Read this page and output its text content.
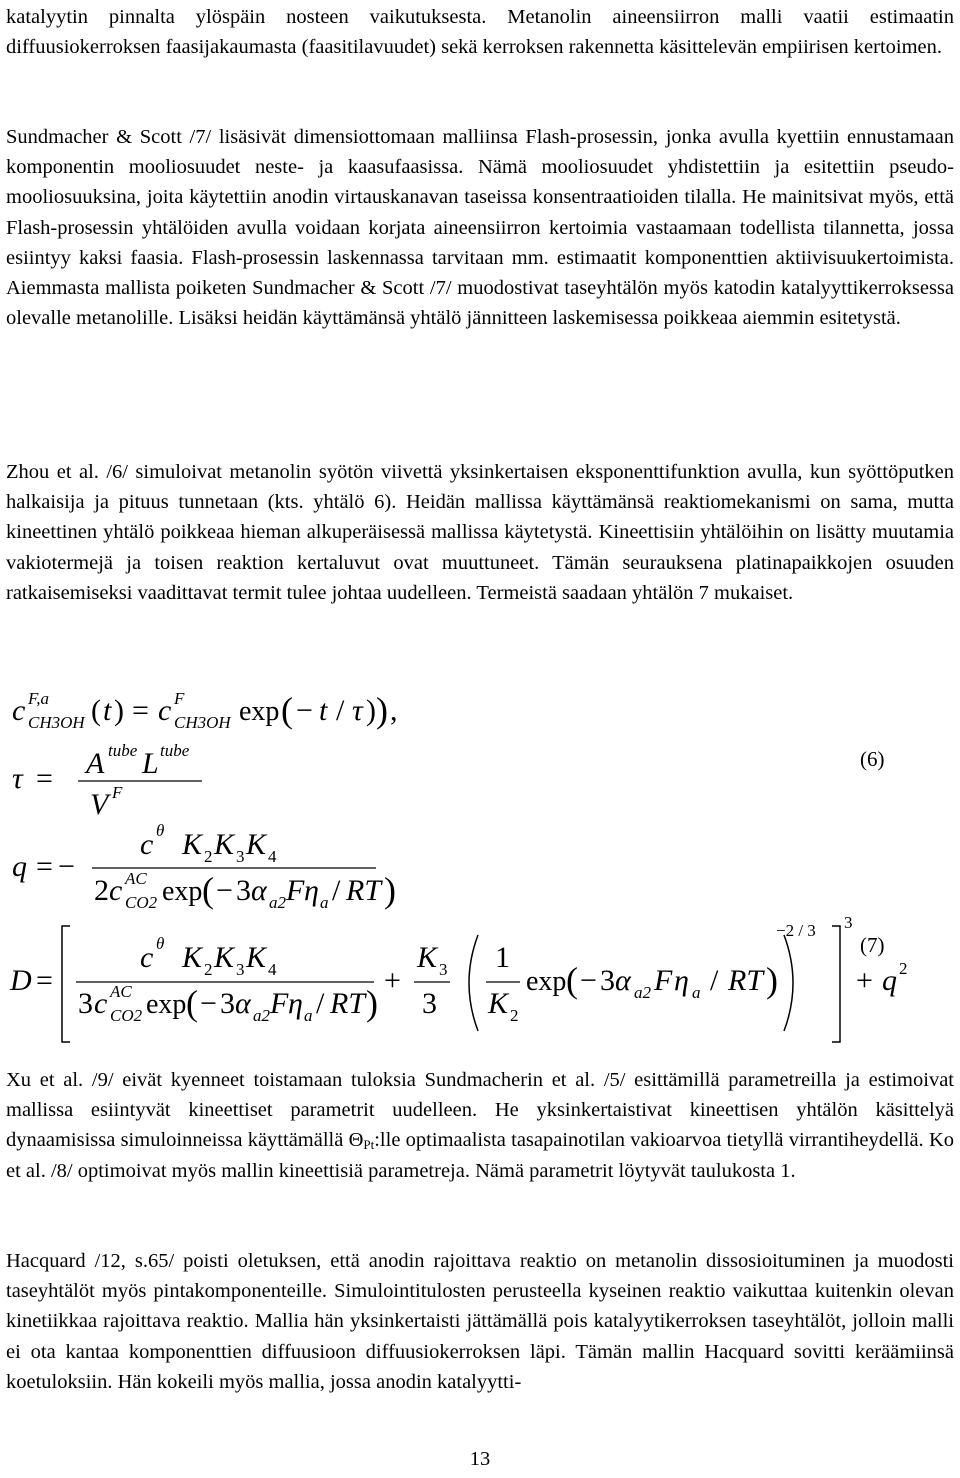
katalyytin pinnalta ylöspäin nosteen vaikutuksesta. Metanolin aineensiirron malli vaatii estimaatin diffuusiokerroksen faasijakaumasta (faasitilavuudet) sekä kerroksen rakennetta käsittelevän empiirisen kertoimen.

Sundmacher & Scott /7/ lisäsivät dimensiottomaan malliinsa Flash-prosessin, jonka avulla kyettiin ennustamaan komponentin mooliosuudet neste- ja kaasufaasissa. Nämä mooliosuudet yhdistettiin ja esitettiin pseudo-mooliosuuksina, joita käytettiin anodin virtauskanavan taseissa konsentraatioiden tilalla. He mainitsivat myös, että Flash-prosessin yhtälöiden avulla voidaan korjata aineensiirron kertoimia vastaamaan todellista tilannetta, jossa esiintyy kaksi faasia. Flash-prosessin laskennassa tarvitaan mm. estimaatit komponenttien aktiivisuukertoimista. Aiemmasta mallista poiketen Sundmacher & Scott /7/ muodostivat taseyhtälön myös katodin katalyyttikerroksessa olevalle metanolille. Lisäksi heidän käyttämänsä yhtälö jännitteen laskemisessa poikkeaa aiemmin esitetystä.

Zhou et al. /6/ simuloivat metanolin syötön viivettä yksinkertaisen eksponenttifunktion avulla, kun syöttöputken halkaisija ja pituus tunnetaan (kts. yhtälö 6). Heidän mallissa käyttämänsä reaktiomekanismi on sama, mutta kineettinen yhtälö poikkeaa hieman alkuperäisessä mallissa käytetystä. Kineettisiin yhtälöihin on lisätty muutamia vakiotermejä ja toisen reaktion kertaluvut ovat muuttuneet. Tämän seurauksena platinapaikkojen osuuden ratkaisemiseksi vaadittavat termit tulee johtaa uudelleen. Termeistä saadaan yhtälön 7 mukaiset.

c F,a
CH3OH ( t ) = c F
CH3OH exp ( − t / τ ) ) ,
τ = A tube L tube
V F
(6)
q = −
c θ K 2 K 3 K 4
2 c AC
CO2 exp ( − 3 α a2 F η a / RT )
D =
c θ K 2 K 3 K 4
3 c AC
CO2 exp ( − 3 α a2 F η a / RT )
+
K 3
3
1
K 2
exp ( − 3 α a2 F η a / RT )
−2 / 3 3
+ q 2
(7)

Xu et al. /9/ eivät kyenneet toistamaan tuloksia Sundmacherin et al. /5/ esittämillä parametreilla ja estimoivat mallissa esiintyvät kineettiset parametrit uudelleen. He yksinkertaistivat kineettisen yhtälön käsittelyä dynaamisissa simuloinneissa käyttämällä $\Theta_{Pt}:lle$ optimaalista tasapainotilan vakioarvoa tietyllä virrantiheydellä. Ko et al. /8/ optimoivat myös mallin kineettisiä parametreja. Nämä parametrit löytyvät taulukosta 1.

Hacquard /12, s.65/ poisti oletuksen, että anodin rajoittava reaktio on metanolin dissosioituminen ja muodosti taseyhtälöt myös pintakomponenteille. Simulointitulosten perusteella kyseinen reaktio vaikuttaa kuitenkin olevan kinetiikkaa rajoittava reaktio. Mallia hän yksinkertaisti jättämällä pois katalyytikerroksen taseyhtälöt, jolloin malli ei ota kantaa komponenttien diffuusioon diffuusiokerroksen läpi. Tämän mallin Hacquard sovitti keräämiinsä koetuloksiin. Hän kokeili myös mallia, jossa anodin katalyytti-

13
